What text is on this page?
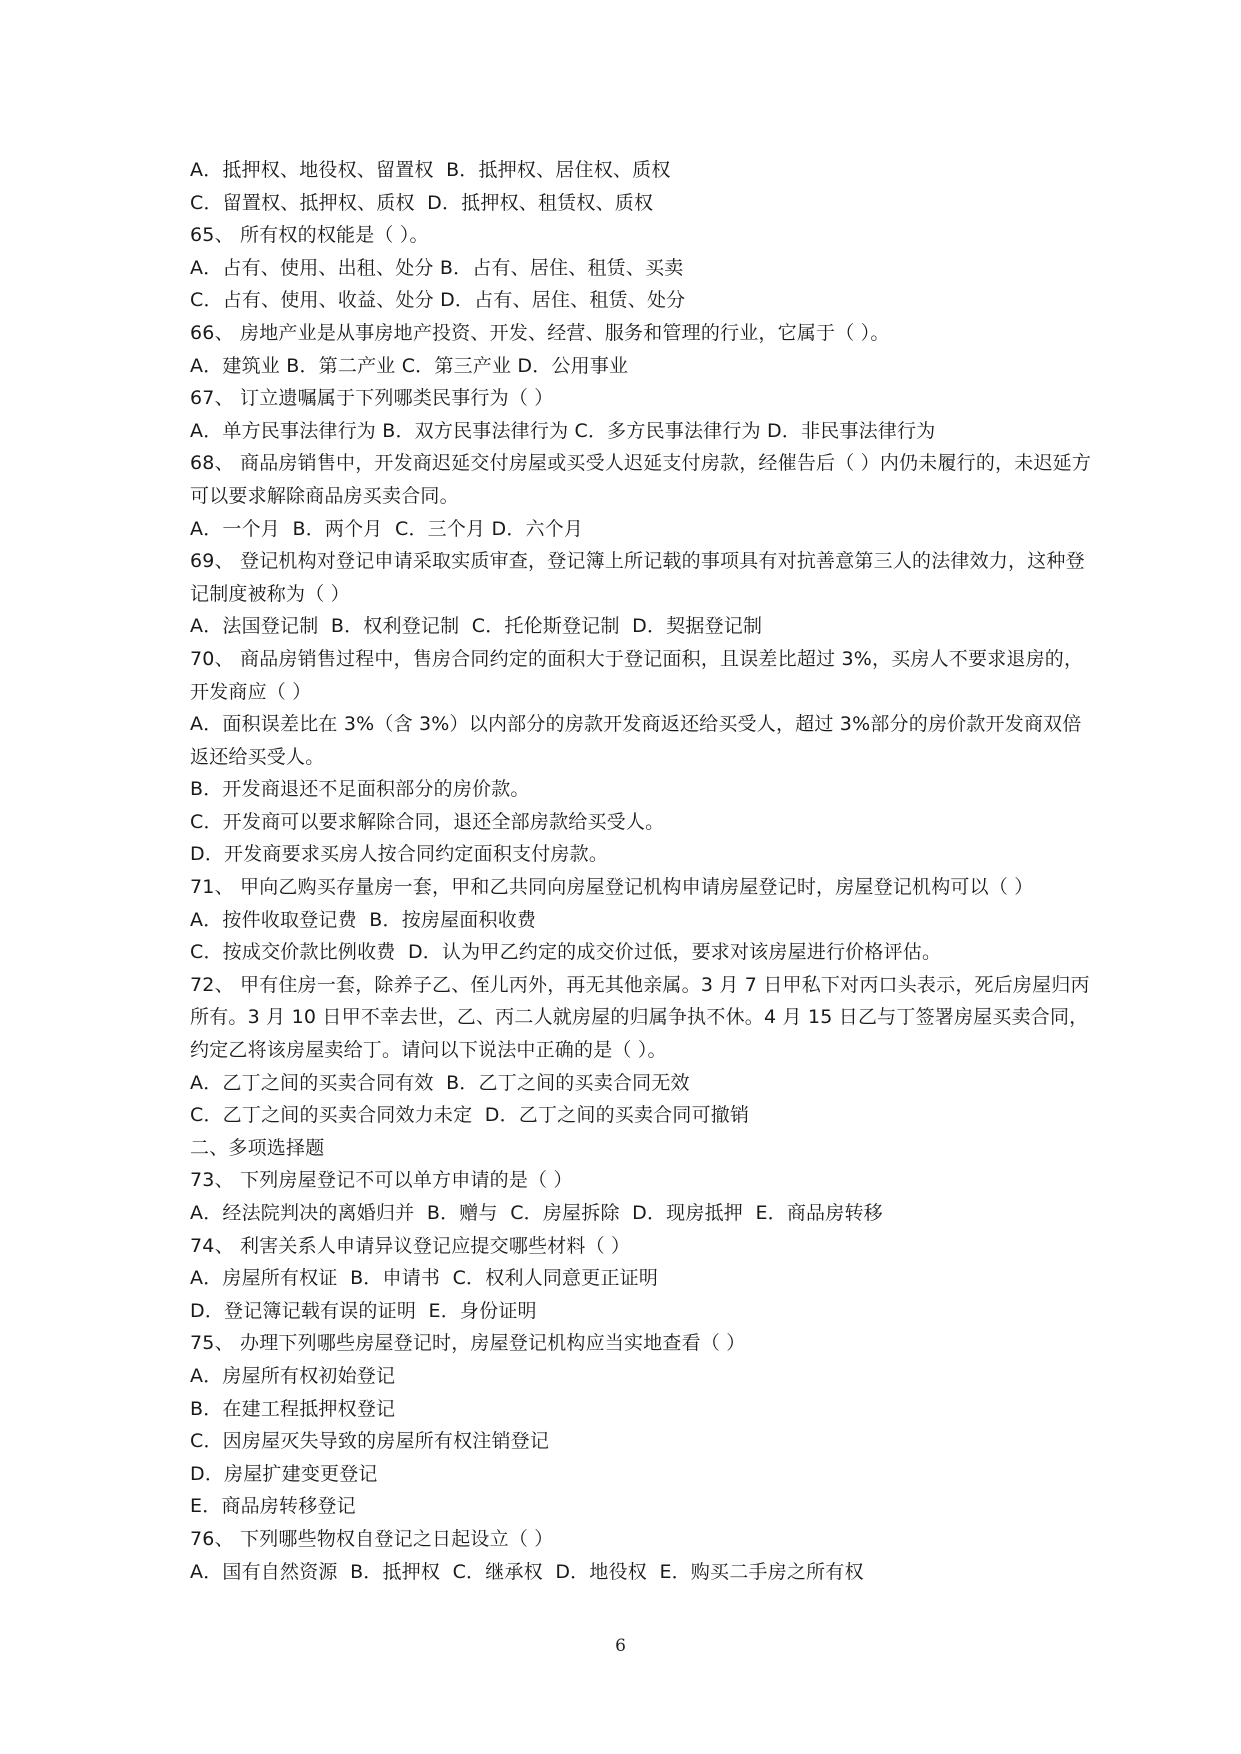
A．抵押权、地役权、留置权  B．抵押权、居住权、质权

C．留置权、抵押权、质权  D．抵押权、租赁权、质权

65、 所有权的权能是（ ）。

A．占有、使用、出租、处分 B．占有、居住、租赁、买卖

C．占有、使用、收益、处分 D．占有、居住、租赁、处分

66、 房地产业是从事房地产投资、开发、经营、服务和管理的行业，它属于（ ）。

A．建筑业 B．第二产业 C．第三产业 D．公用事业

67、 订立遗嘱属于下列哪类民事行为（ ）

A．单方民事法律行为 B．双方民事法律行为 C．多方民事法律行为 D．非民事法律行为

68、 商品房销售中，开发商迟延交付房屋或买受人迟延支付房款，经催告后（ ）内仍未履行的，未迟延方

可以要求解除商品房买卖合同。

A．一个月  B．两个月  C．三个月 D．六个月

69、 登记机构对登记申请采取实质审查，登记簿上所记载的事项具有对抗善意第三人的法律效力，这种登

记制度被称为（ ）

A．法国登记制  B．权利登记制  C．托伦斯登记制  D．契据登记制

70、 商品房销售过程中，售房合同约定的面积大于登记面积，且误差比超过 3%，买房人不要求退房的，

开发商应（ ）

A．面积误差比在 3%（含 3%）以内部分的房款开发商返还给买受人，超过 3%部分的房价款开发商双倍

返还给买受人。

B．开发商退还不足面积部分的房价款。

C．开发商可以要求解除合同，退还全部房款给买受人。

D．开发商要求买房人按合同约定面积支付房款。

71、 甲向乙购买存量房一套，甲和乙共同向房屋登记机构申请房屋登记时，房屋登记机构可以（ ）

A．按件收取登记费  B．按房屋面积收费

C．按成交价款比例收费  D．认为甲乙约定的成交价过低，要求对该房屋进行价格评估。

72、 甲有住房一套，除养子乙、侄儿丙外，再无其他亲属。3 月 7 日甲私下对丙口头表示，死后房屋归丙

所有。3 月 10 日甲不幸去世，乙、丙二人就房屋的归属争执不休。4 月 15 日乙与丁签署房屋买卖合同，

约定乙将该房屋卖给丁。请问以下说法中正确的是（ ）。

A．乙丁之间的买卖合同有效  B．乙丁之间的买卖合同无效

C．乙丁之间的买卖合同效力未定  D．乙丁之间的买卖合同可撤销

二、多项选择题

73、 下列房屋登记不可以单方申请的是（ ）

A．经法院判决的离婚归并  B．赠与  C．房屋拆除  D．现房抵押  E．商品房转移

74、 利害关系人申请异议登记应提交哪些材料（ ）

A．房屋所有权证  B．申请书  C．权利人同意更正证明

D．登记簿记载有误的证明  E．身份证明

75、 办理下列哪些房屋登记时，房屋登记机构应当实地查看（ ）

A．房屋所有权初始登记

B．在建工程抵押权登记

C．因房屋灭失导致的房屋所有权注销登记

D．房屋扩建变更登记

E．商品房转移登记

76、 下列哪些物权自登记之日起设立（ ）

A．国有自然资源  B．抵押权  C．继承权  D．地役权  E．购买二手房之所有权

6
